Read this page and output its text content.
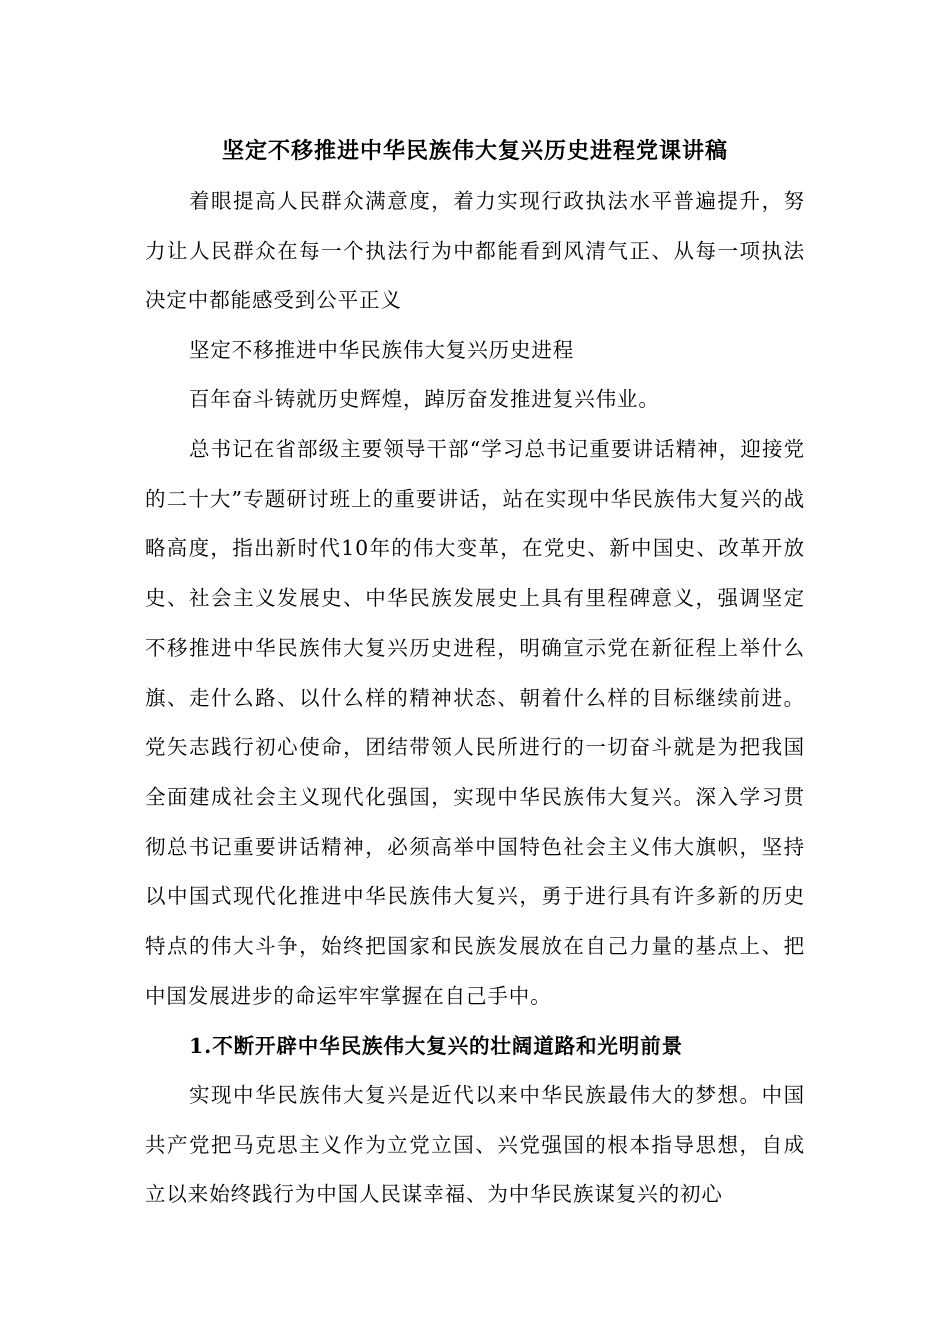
坚定不移推进中华民族伟大复兴历史进程党课讲稿
着眼提高人民群众满意度，着力实现行政执法水平普遍提升，努力让人民群众在每一个执法行为中都能看到风清气正、从每一项执法决定中都能感受到公平正义
坚定不移推进中华民族伟大复兴历史进程
百年奋斗铸就历史辉煌，踔厉奋发推进复兴伟业。
总书记在省部级主要领导干部“学习总书记重要讲话精神，迎接党的二十大”专题研讨班上的重要讲话，站在实现中华民族伟大复兴的战略高度，指出新时代10年的伟大变革，在党史、新中国史、改革开放史、社会主义发展史、中华民族发展史上具有里程碑意义，强调坚定不移推进中华民族伟大复兴历史进程，明确宣示党在新征程上举什么旗、走什么路、以什么样的精神状态、朝着什么样的目标继续前进。党矢志践行初心使命，团结带领人民所进行的一切奋斗就是为把我国全面建成社会主义现代化强国，实现中华民族伟大复兴。深入学习贯彻总书记重要讲话精神，必须高举中国特色社会主义伟大旗帜，坚持以中国式现代化推进中华民族伟大复兴，勇于进行具有许多新的历史特点的伟大斗争，始终把国家和民族发展放在自己力量的基点上、把中国发展进步的命运牢牢掌握在自己手中。
1.不断开辟中华民族伟大复兴的壮阔道路和光明前景
实现中华民族伟大复兴是近代以来中华民族最伟大的梦想。中国共产党把马克思主义作为立党立国、兴党强国的根本指导思想，自成立以来始终践行为中国人民谋幸福、为中华民族谋复兴的初心
